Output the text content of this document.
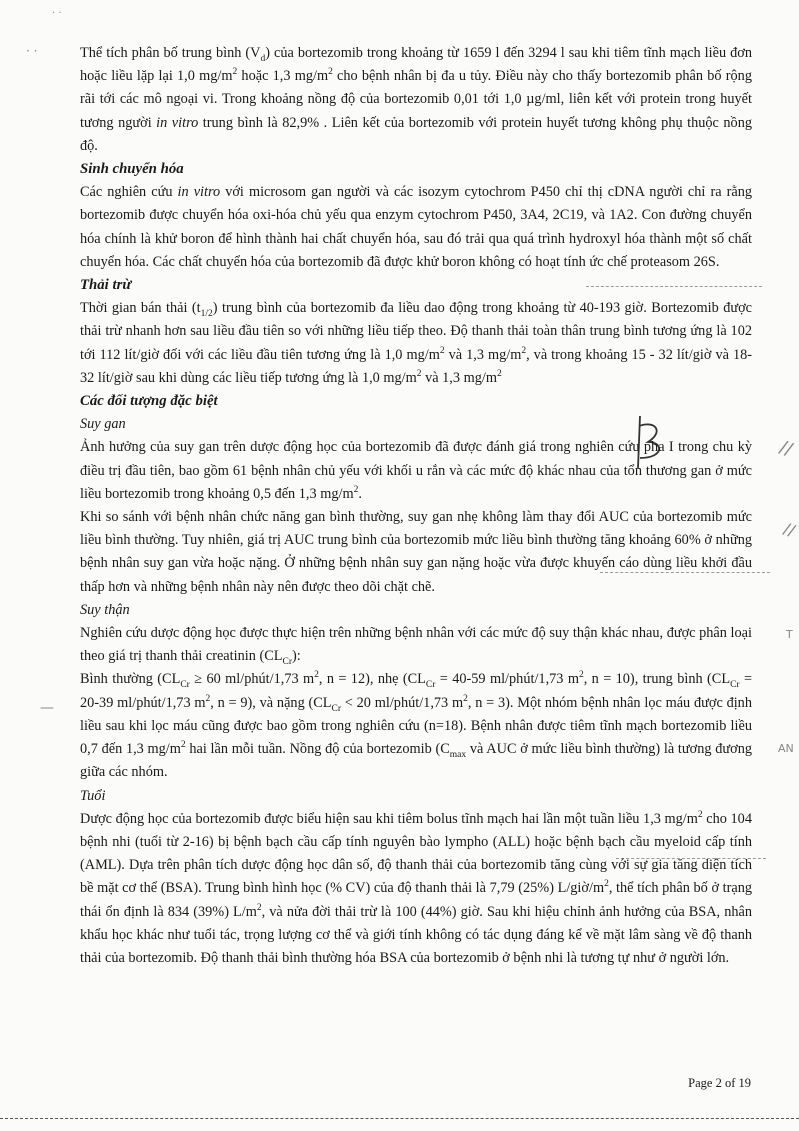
· ·
· ·
//
//
T
AN
—

Thể tích phân bố trung bình $(V_d)$ của bortezomib trong khoảng từ 1659 l đến 3294 l sau khi tiêm tĩnh mạch liều đơn hoặc liều lặp lại 1,0 $mg/m^2$ hoặc 1,3 $mg/m^2$ cho bệnh nhân bị đa u tủy. Điều này cho thấy bortezomib phân bố rộng rãi tới các mô ngoại vi. Trong khoảng nồng độ của bortezomib 0,01 tới 1,0 µg/ml, liên kết với protein trong huyết tương người in vitro trung bình là 82,9% . Liên kết của bortezomib với protein huyết tương không phụ thuộc nồng độ.

Sinh chuyển hóa

Các nghiên cứu in vitro với microsom gan người và các isozym cytochrom P450 chỉ thị cDNA người chỉ ra rằng bortezomib được chuyển hóa oxi-hóa chủ yếu qua enzym cytochrom P450, 3A4, 2C19, và 1A2. Con đường chuyển hóa chính là khử boron để hình thành hai chất chuyển hóa, sau đó trải qua quá trình hydroxyl hóa thành một số chất chuyển hóa. Các chất chuyển hóa của bortezomib đã được khử boron không có hoạt tính ức chế proteasom 26S.

Thải trừ

Thời gian bán thải $(t_{1/2})$ trung bình của bortezomib đa liều dao động trong khoảng từ 40-193 giờ. Bortezomib được thải trừ nhanh hơn sau liều đầu tiên so với những liều tiếp theo. Độ thanh thải toàn thân trung bình tương ứng là 102 tới 112 lít/giờ đối với các liều đầu tiên tương ứng là 1,0 $mg/m^2$ và 1,3 $mg/m^2$, và trong khoảng 15 - 32 lít/giờ và 18-32 lít/giờ sau khi dùng các liều tiếp tương ứng là 1,0 $mg/m^2$ và 1,3 $mg/m^2$

Các đối tượng đặc biệt

Suy gan

Ảnh hưởng của suy gan trên dược động học của bortezomib đã được đánh giá trong nghiên cứu pha I trong chu kỳ điều trị đầu tiên, bao gồm 61 bệnh nhân chủ yếu với khối u rắn và các mức độ khác nhau của tổn thương gan ở mức liều bortezomib trong khoảng 0,5 đến 1,3 $mg/m^2$.

Khi so sánh với bệnh nhân chức năng gan bình thường, suy gan nhẹ không làm thay đổi AUC của bortezomib mức liều bình thường. Tuy nhiên, giá trị AUC trung bình của bortezomib mức liều bình thường tăng khoảng 60% ở những bệnh nhân suy gan vừa hoặc nặng. Ở những bệnh nhân suy gan nặng hoặc vừa được khuyến cáo dùng liều khởi đầu thấp hơn và những bệnh nhân này nên được theo dõi chặt chẽ.

Suy thận

Nghiên cứu dược động học được thực hiện trên những bệnh nhân với các mức độ suy thận khác nhau, được phân loại theo giá trị thanh thải creatinin $(CL_{Cr})$:

Bình thường ($CL_{Cr} \ge 60$ ml/phút/1,73 $m^2$, n = 12), nhẹ ($CL_{Cr} = 40-59$ ml/phút/1,73 $m^2$, n = 10), trung bình ($CL_{Cr} = 20-39$ ml/phút/1,73 $m^2$, n = 9), và nặng ($CL_{Cr} < 20$ ml/phút/1,73 $m^2$, n = 3). Một nhóm bệnh nhân lọc máu được định liều sau khi lọc máu cũng được bao gồm trong nghiên cứu (n=18). Bệnh nhân được tiêm tĩnh mạch bortezomib liều 0,7 đến 1,3 $mg/m^2$ hai lần mỗi tuần. Nồng độ của bortezomib ($C_{max}$ và AUC ở mức liều bình thường) là tương đương giữa các nhóm.

Tuổi

Dược động học của bortezomib được biểu hiện sau khi tiêm bolus tĩnh mạch hai lần một tuần liều 1,3 $mg/m^2$ cho 104 bệnh nhi (tuổi từ 2-16) bị bệnh bạch cầu cấp tính nguyên bào lympho (ALL) hoặc bệnh bạch cầu myeloid cấp tính (AML). Dựa trên phân tích dược động học dân số, độ thanh thải của bortezomib tăng cùng với sự gia tăng diện tích bề mặt cơ thể (BSA). Trung bình hình học (% CV) của độ thanh thải là 7,79 (25%) $L/giờ/m^2$, thể tích phân bố ở trạng thái ổn định là 834 (39%) $L/m^2$, và nửa đời thải trừ là 100 (44%) giờ. Sau khi hiệu chỉnh ảnh hưởng của BSA, nhân khẩu học khác như tuổi tác, trọng lượng cơ thể và giới tính không có tác dụng đáng kể về mặt lâm sàng về độ thanh thải của bortezomib. Độ thanh thải bình thường hóa BSA của bortezomib ở bệnh nhi là tương tự như ở người lớn.

Page 2 of 19
